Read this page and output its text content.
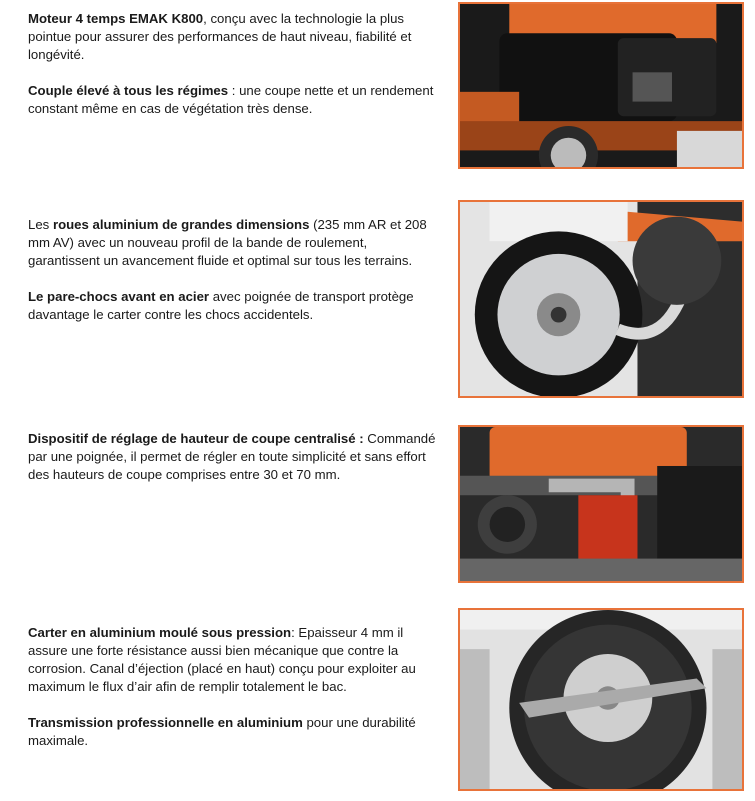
Moteur 4 temps EMAK K800, conçu avec la technologie la plus pointue pour assurer des performances de haut niveau, fiabilité et longévité.

Couple élevé à tous les régimes : une coupe nette et un rendement constant même en cas de végétation très dense.

Les roues aluminium de grandes dimensions (235 mm AR et 208 mm AV) avec un nouveau profil de la bande de roulement, garantissent un avancement fluide et optimal sur tous les terrains.

Le pare-chocs avant en acier avec poignée de transport protège davantage le carter contre les chocs accidentels.

Dispositif de réglage de hauteur de coupe centralisé : Commandé par une poignée, il permet de régler en toute simplicité et sans effort des hauteurs de coupe comprises entre 30 et 70 mm.

Carter en aluminium moulé sous pression: Epaisseur 4 mm il assure une forte résistance aussi bien mécanique que contre la corrosion. Canal d’éjection (placé en haut) conçu pour exploiter au maximum le flux d’air afin de remplir totalement le bac.

Transmission professionnelle en aluminium pour une durabilité maximale.
